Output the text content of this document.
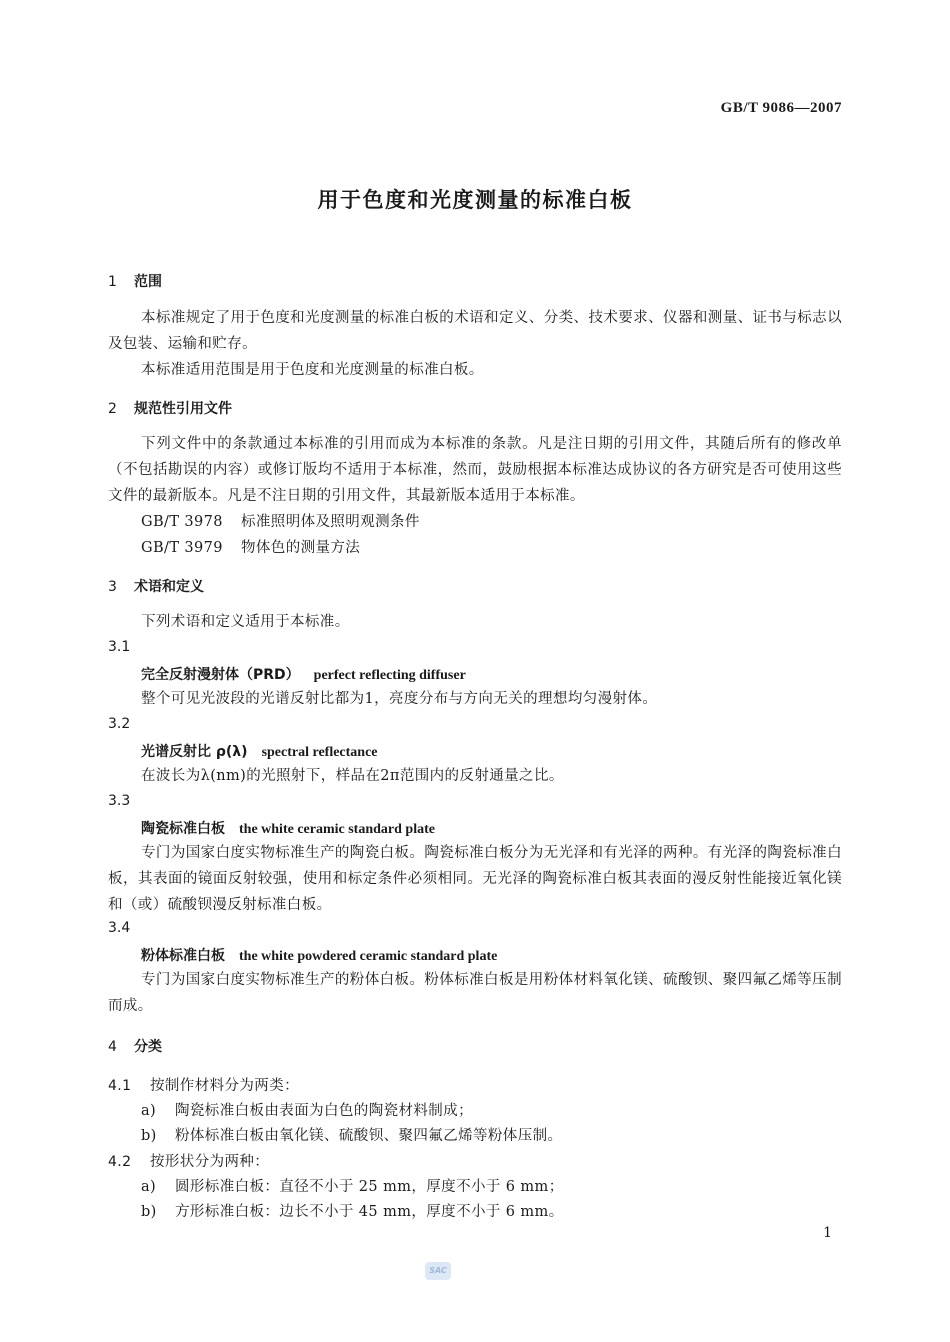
GB/T 9086—2007
用于色度和光度测量的标准白板
1 范围
本标准规定了用于色度和光度测量的标准白板的术语和定义、分类、技术要求、仪器和测量、证书与标志以及包装、运输和贮存。
本标准适用范围是用于色度和光度测量的标准白板。
2 规范性引用文件
下列文件中的条款通过本标准的引用而成为本标准的条款。凡是注日期的引用文件，其随后所有的修改单（不包括勘误的内容）或修订版均不适用于本标准，然而，鼓励根据本标准达成协议的各方研究是否可使用这些文件的最新版本。凡是不注日期的引用文件，其最新版本适用于本标准。
GB/T 3978 标准照明体及照明观测条件
GB/T 3979 物体色的测量方法
3 术语和定义
下列术语和定义适用于本标准。
3.1
完全反射漫射体（PRD） perfect reflecting diffuser
整个可见光波段的光谱反射比都为1，亮度分布与方向无关的理想均匀漫射体。
3.2
光谱反射比 ρ(λ) spectral reflectance
在波长为λ(nm)的光照射下，样品在2π范围内的反射通量之比。
3.3
陶瓷标准白板 the white ceramic standard plate
专门为国家白度实物标准生产的陶瓷白板。陶瓷标准白板分为无光泽和有光泽的两种。有光泽的陶瓷标准白板，其表面的镜面反射较强，使用和标定条件必须相同。无光泽的陶瓷标准白板其表面的漫反射性能接近氧化镁和（或）硫酸钡漫反射标准白板。
3.4
粉体标准白板 the white powdered ceramic standard plate
专门为国家白度实物标准生产的粉体白板。粉体标准白板是用粉体材料氧化镁、硫酸钡、聚四氟乙烯等压制而成。
4 分类
4.1 按制作材料分为两类：
a) 陶瓷标准白板由表面为白色的陶瓷材料制成；
b) 粉体标准白板由氧化镁、硫酸钡、聚四氟乙烯等粉体压制。
4.2 按形状分为两种：
a) 圆形标准白板：直径不小于 25 mm，厚度不小于 6 mm；
b) 方形标准白板：边长不小于 45 mm，厚度不小于 6 mm。
1
SAC
